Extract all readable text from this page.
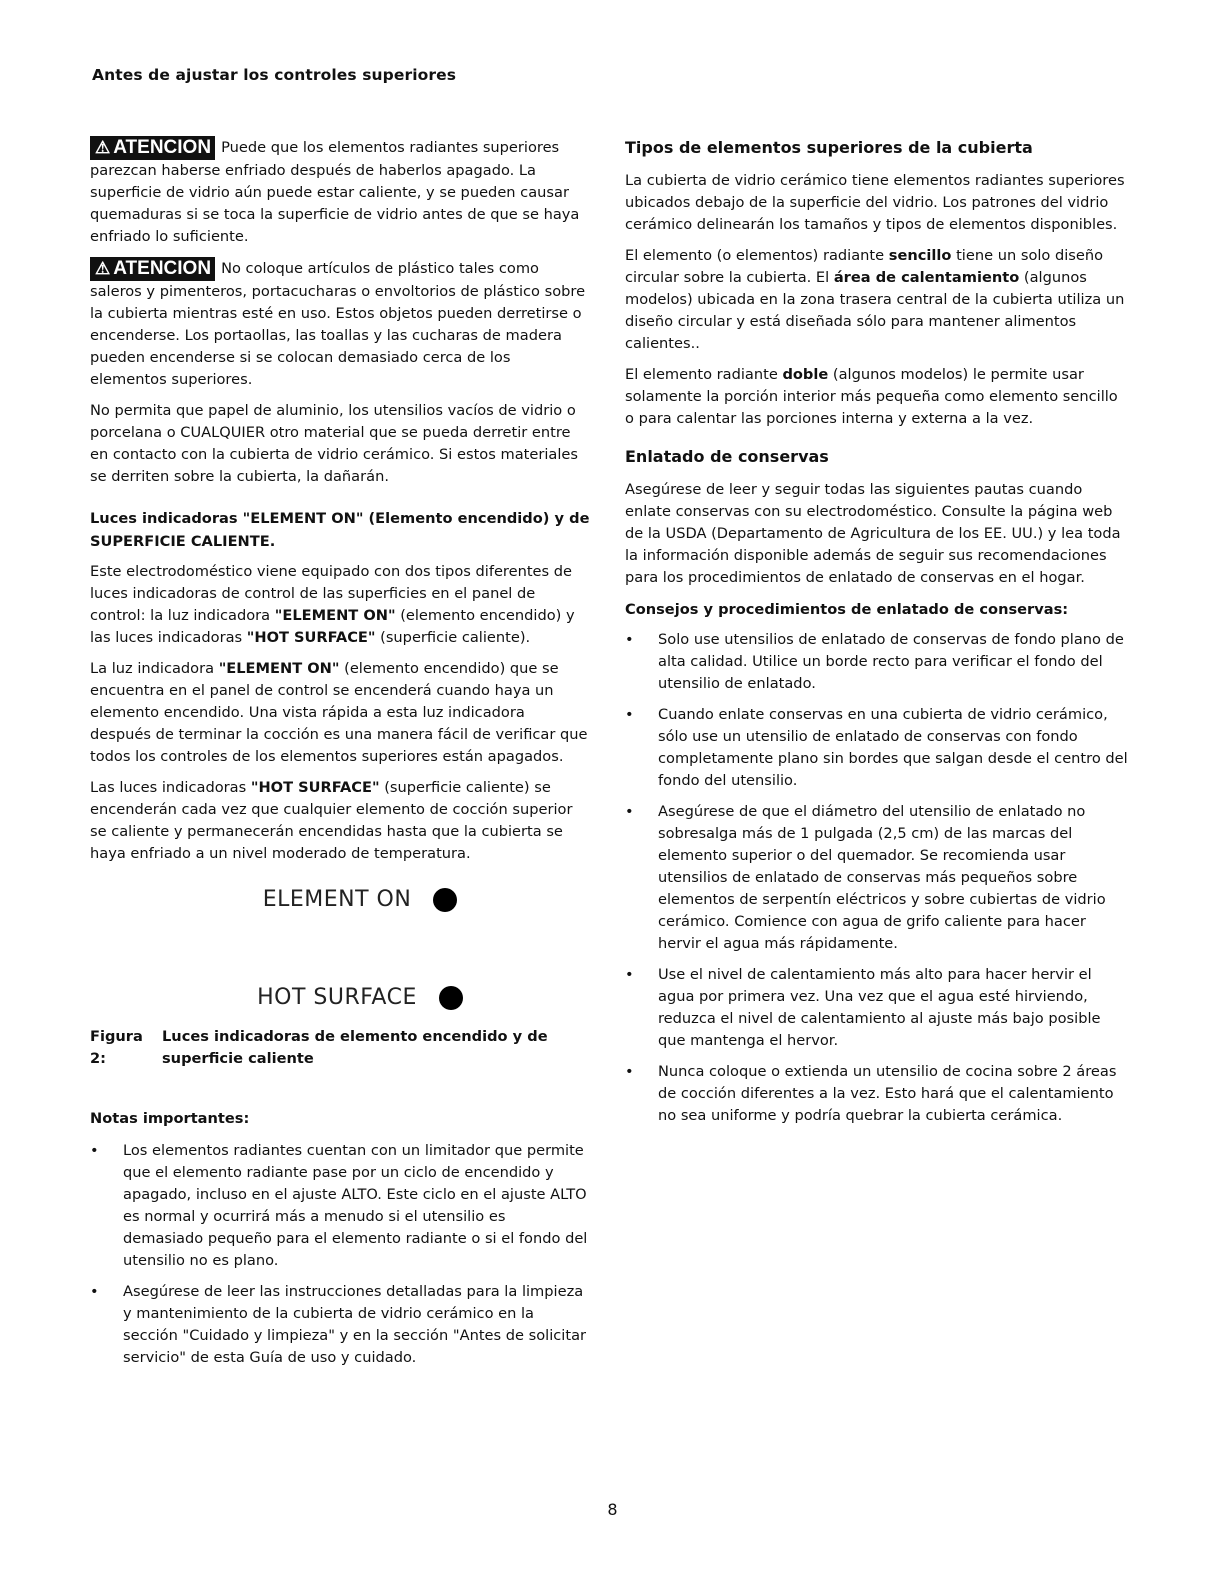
Antes de ajustar los controles superiores

⚠ ATENCION Puede que los elementos radiantes superiores parezcan haberse enfriado después de haberlos apagado. La superficie de vidrio aún puede estar caliente, y se pueden causar quemaduras si se toca la superficie de vidrio antes de que se haya enfriado lo suficiente.

⚠ ATENCION No coloque artículos de plástico tales como saleros y pimenteros, portacucharas o envoltorios de plástico sobre la cubierta mientras esté en uso. Estos objetos pueden derretirse o encenderse. Los portaollas, las toallas y las cucharas de madera pueden encenderse si se colocan demasiado cerca de los elementos superiores.

No permita que papel de aluminio, los utensilios vacíos de vidrio o porcelana o CUALQUIER otro material que se pueda derretir entre en contacto con la cubierta de vidrio cerámico. Si estos materiales se derriten sobre la cubierta, la dañarán.

Luces indicadoras "ELEMENT ON" (Elemento encendido) y de SUPERFICIE CALIENTE.

Este electrodoméstico viene equipado con dos tipos diferentes de luces indicadoras de control de las superficies en el panel de control: la luz indicadora "ELEMENT ON" (elemento encendido) y las luces indicadoras "HOT SURFACE" (superficie caliente).

La luz indicadora "ELEMENT ON" (elemento encendido) que se encuentra en el panel de control se encenderá cuando haya un elemento encendido. Una vista rápida a esta luz indicadora después de terminar la cocción es una manera fácil de verificar que todos los controles de los elementos superiores están apagados.

Las luces indicadoras "HOT SURFACE" (superficie caliente) se encenderán cada vez que cualquier elemento de cocción superior se caliente y permanecerán encendidas hasta que la cubierta se haya enfriado a un nivel moderado de temperatura.

ELEMENT ON
HOT SURFACE
Figura 2:
Luces indicadoras de elemento encendido y de superficie caliente
Notas importantes:
• Los elementos radiantes cuentan con un limitador que permite que el elemento radiante pase por un ciclo de encendido y apagado, incluso en el ajuste ALTO. Este ciclo en el ajuste ALTO es normal y ocurrirá más a menudo si el utensilio es demasiado pequeño para el elemento radiante o si el fondo del utensilio no es plano.
• Asegúrese de leer las instrucciones detalladas para la limpieza y mantenimiento de la cubierta de vidrio cerámico en la sección "Cuidado y limpieza" y en la sección "Antes de solicitar servicio" de esta Guía de uso y cuidado.
Tipos de elementos superiores de la cubierta

La cubierta de vidrio cerámico tiene elementos radiantes superiores ubicados debajo de la superficie del vidrio. Los patrones del vidrio cerámico delinearán los tamaños y tipos de elementos disponibles.

El elemento (o elementos) radiante sencillo tiene un solo diseño circular sobre la cubierta. El área de calentamiento (algunos modelos) ubicada en la zona trasera central de la cubierta utiliza un diseño circular y está diseñada sólo para mantener alimentos calientes..

El elemento radiante doble (algunos modelos) le permite usar solamente la porción interior más pequeña como elemento sencillo o para calentar las porciones interna y externa a la vez.

Enlatado de conservas

Asegúrese de leer y seguir todas las siguientes pautas cuando enlate conservas con su electrodoméstico. Consulte la página web de la USDA (Departamento de Agricultura de los EE. UU.) y lea toda la información disponible además de seguir sus recomendaciones para los procedimientos de enlatado de conservas en el hogar.

Consejos y procedimientos de enlatado de conservas:
• Solo use utensilios de enlatado de conservas de fondo plano de alta calidad. Utilice un borde recto para verificar el fondo del utensilio de enlatado.
• Cuando enlate conservas en una cubierta de vidrio cerámico, sólo use un utensilio de enlatado de conservas con fondo completamente plano sin bordes que salgan desde el centro del fondo del utensilio.
• Asegúrese de que el diámetro del utensilio de enlatado no sobresalga más de 1 pulgada (2,5 cm) de las marcas del elemento superior o del quemador. Se recomienda usar utensilios de enlatado de conservas más pequeños sobre elementos de serpentín eléctricos y sobre cubiertas de vidrio cerámico. Comience con agua de grifo caliente para hacer hervir el agua más rápidamente.
• Use el nivel de calentamiento más alto para hacer hervir el agua por primera vez. Una vez que el agua esté hirviendo, reduzca el nivel de calentamiento al ajuste más bajo posible que mantenga el hervor.
• Nunca coloque o extienda un utensilio de cocina sobre 2 áreas de cocción diferentes a la vez. Esto hará que el calentamiento no sea uniforme y podría quebrar la cubierta cerámica.
8
